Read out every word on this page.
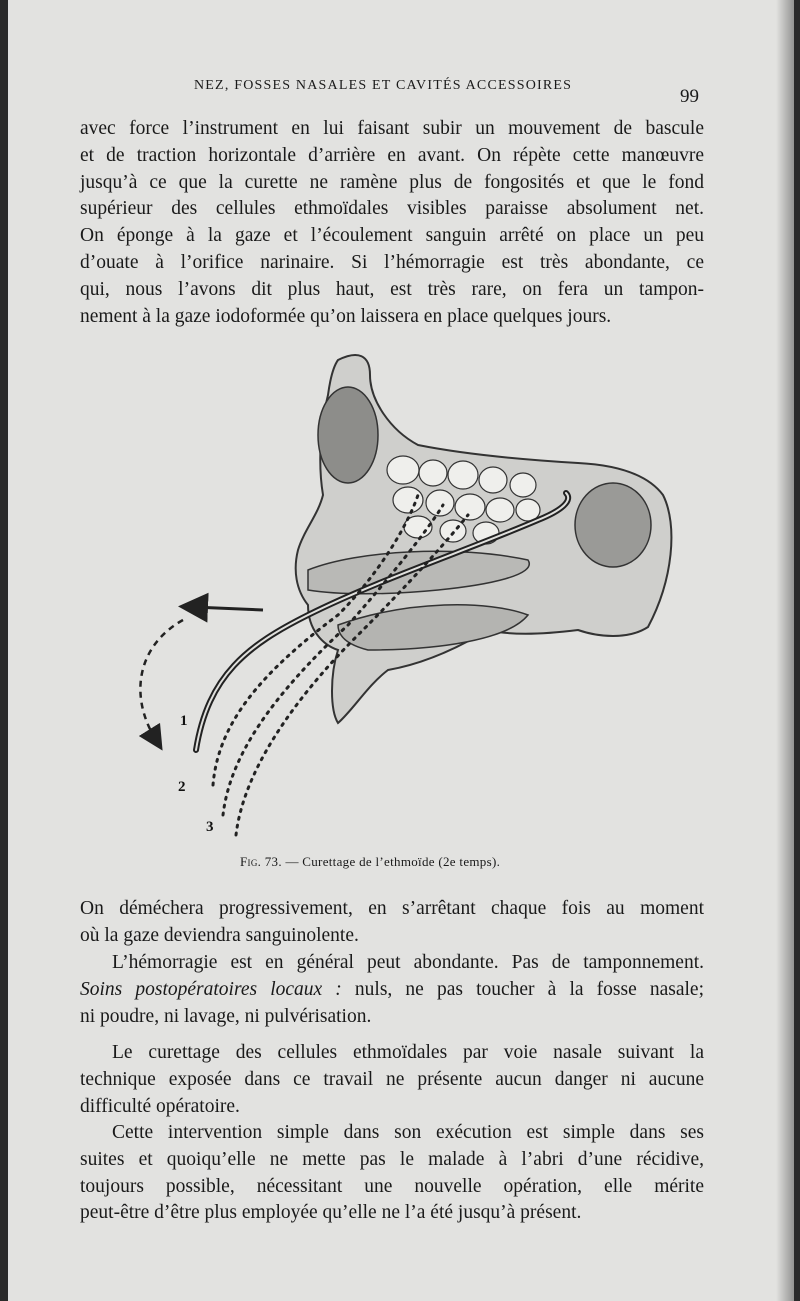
NEZ, FOSSES NASALES ET CAVITÉS ACCESSOIRES
99

avec force l’instrument en lui faisant subir un mouvement de bascule
et de traction horizontale d’arrière en avant. On répète cette manœuvre
jusqu’à ce que la curette ne ramène plus de fongosités et que le fond
supérieur des cellules ethmoïdales visibles paraisse absolument net.
On éponge à la gaze et l’écoulement sanguin arrêté on place un peu
d’ouate à l’orifice narinaire. Si l’hémorragie est très abondante, ce
qui, nous l’avons dit plus haut, est très rare, on fera un tampon-
nement à la gaze iodoformée qu’on laissera en place quelques jours.

1
2
3
Fig. 73. — Curettage de l’ethmoïde (2e temps).

On déméchera progressivement, en s’arrêtant chaque fois au moment
où la gaze deviendra sanguinolente.

L’hémorragie est en général peut abondante. Pas de tamponnement.
Soins postopératoires locaux : nuls, ne pas toucher à la fosse nasale;
ni poudre, ni lavage, ni pulvérisation.

Le curettage des cellules ethmoïdales par voie nasale suivant la
technique exposée dans ce travail ne présente aucun danger ni aucune
difficulté opératoire.

Cette intervention simple dans son exécution est simple dans ses
suites et quoiqu’elle ne mette pas le malade à l’abri d’une récidive,
toujours possible, nécessitant une nouvelle opération, elle mérite
peut-être d’être plus employée qu’elle ne l’a été jusqu’à présent.
